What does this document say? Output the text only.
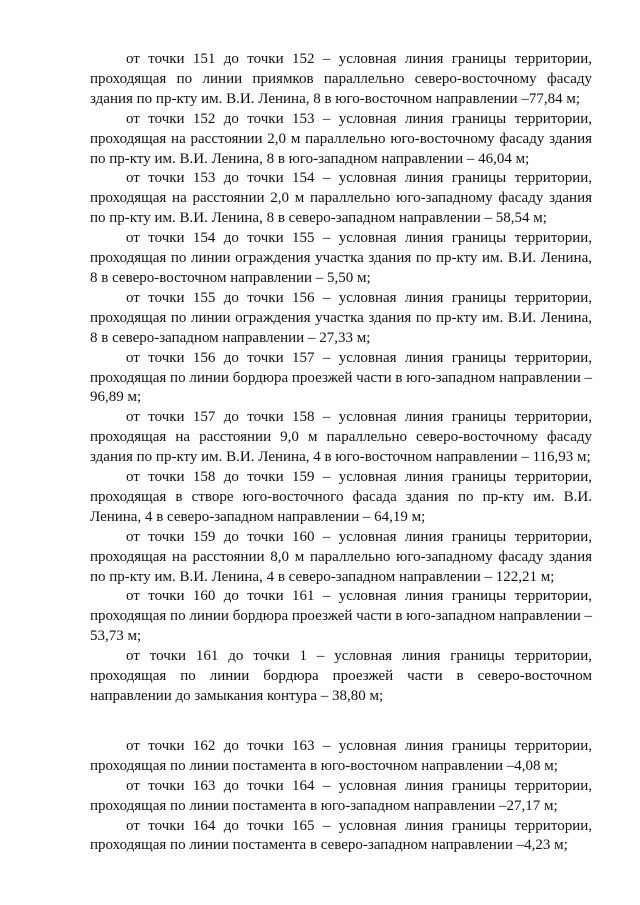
от точки 151 до точки 152 – условная линия границы территории, проходящая по линии приямков параллельно северо-восточному фасаду здания по пр-кту им. В.И. Ленина, 8 в юго-восточном направлении –77,84 м;

от точки 152 до точки 153 – условная линия границы территории, проходящая на расстоянии 2,0 м параллельно юго-восточному фасаду здания по пр-кту им. В.И. Ленина, 8 в юго-западном направлении – 46,04 м;

от точки 153 до точки 154 – условная линия границы территории, проходящая на расстоянии 2,0 м параллельно юго-западному фасаду здания по пр-кту им. В.И. Ленина, 8 в северо-западном направлении – 58,54 м;

от точки 154 до точки 155 – условная линия границы территории, проходящая по линии ограждения участка здания по пр-кту им. В.И. Ленина, 8 в северо-восточном направлении – 5,50 м;

от точки 155 до точки 156 – условная линия границы территории, проходящая по линии ограждения участка здания по пр-кту им. В.И. Ленина, 8 в северо-западном направлении – 27,33 м;

от точки 156 до точки 157 – условная линия границы территории, проходящая по линии бордюра проезжей части в юго-западном направлении – 96,89 м;

от точки 157 до точки 158 – условная линия границы территории, проходящая на расстоянии 9,0 м параллельно северо-восточному фасаду здания по пр-кту им. В.И. Ленина, 4 в юго-восточном направлении – 116,93 м;

от точки 158 до точки 159 – условная линия границы территории, проходящая в створе юго-восточного фасада здания по пр-кту им. В.И. Ленина, 4 в северо-западном направлении – 64,19 м;

от точки 159 до точки 160 – условная линия границы территории, проходящая на расстоянии 8,0 м параллельно юго-западному фасаду здания по пр-кту им. В.И. Ленина, 4 в северо-западном направлении – 122,21 м;

от точки 160 до точки 161 – условная линия границы территории, проходящая по линии бордюра проезжей части в юго-западном направлении – 53,73 м;

от точки 161 до точки 1 – условная линия границы территории, проходящая по линии бордюра проезжей части в северо-восточном направлении до замыкания контура – 38,80 м;

от точки 162 до точки 163 – условная линия границы территории, проходящая по линии постамента в юго-восточном направлении –4,08 м;

от точки 163 до точки 164 – условная линия границы территории, проходящая по линии постамента в юго-западном направлении –27,17 м;

от точки 164 до точки 165 – условная линия границы территории, проходящая по линии постамента в северо-западном направлении –4,23 м;
